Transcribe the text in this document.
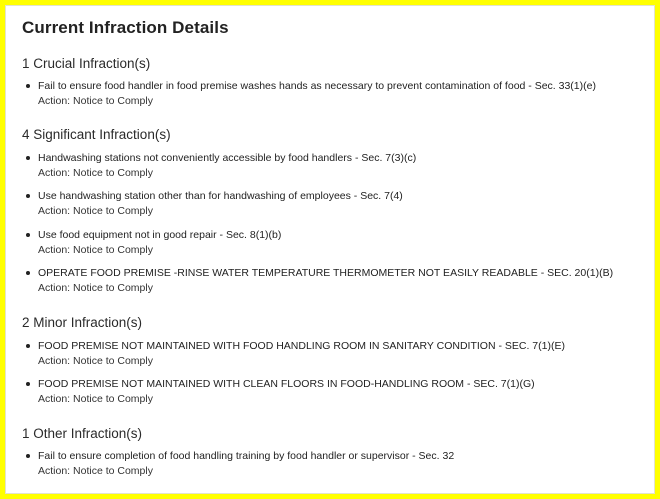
Current Infraction Details
1 Crucial Infraction(s)
Fail to ensure food handler in food premise washes hands as necessary to prevent contamination of food - Sec. 33(1)(e)
Action: Notice to Comply
4 Significant Infraction(s)
Handwashing stations not conveniently accessible by food handlers - Sec. 7(3)(c)
Action: Notice to Comply
Use handwashing station other than for handwashing of employees - Sec. 7(4)
Action: Notice to Comply
Use food equipment not in good repair - Sec. 8(1)(b)
Action: Notice to Comply
OPERATE FOOD PREMISE -RINSE WATER TEMPERATURE THERMOMETER NOT EASILY READABLE - SEC. 20(1)(B)
Action: Notice to Comply
2 Minor Infraction(s)
FOOD PREMISE NOT MAINTAINED WITH FOOD HANDLING ROOM IN SANITARY CONDITION - SEC. 7(1)(E)
Action: Notice to Comply
FOOD PREMISE NOT MAINTAINED WITH CLEAN FLOORS IN FOOD-HANDLING ROOM - SEC. 7(1)(G)
Action: Notice to Comply
1 Other Infraction(s)
Fail to ensure completion of food handling training by food handler or supervisor - Sec. 32
Action: Notice to Comply
